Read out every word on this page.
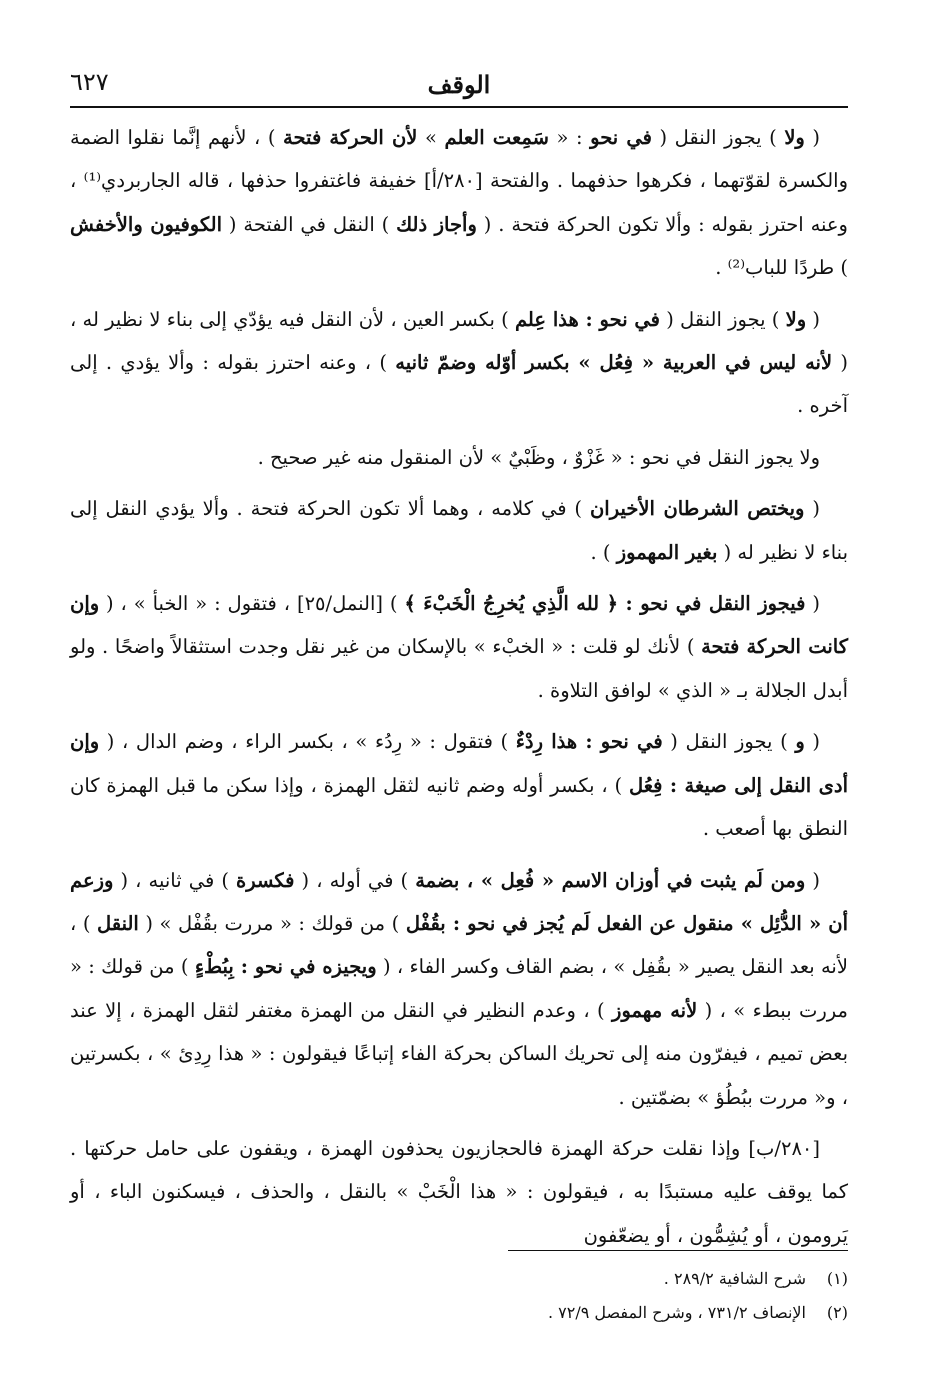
الوقف
٦٢٧

( ولا ) يجوز النقل ( في نحو : « سَمِعت العلم » لأن الحركة فتحة ) ، لأنهم إنَّما نقلوا الضمة والكسرة لقوّتهما ، فكرهوا حذفهما . والفتحة [٢٨٠/أ] خفيفة فاغتفروا حذفها ، قاله الجاربردي⁽¹⁾ ، وعنه احترز بقوله : وألا تكون الحركة فتحة . ( وأجاز ذلك ) النقل في الفتحة ( الكوفيون والأخفش ) طردًا للباب⁽²⁾ .

( ولا ) يجوز النقل ( في نحو : هذا عِلم ) بكسر العين ، لأن النقل فيه يؤدّي إلى بناء لا نظير له ، ( لأنه ليس في العربية « فِعُل » بكسر أوّله وضمّ ثانيه ) ، وعنه احترز بقوله : وألا يؤدي . إلى آخره .

ولا يجوز النقل في نحو : « غَزْوٌ ، وظَبْيٌ » لأن المنقول منه غير صحيح .

( ويختص الشرطان الأخيران ) في كلامه ، وهما ألا تكون الحركة فتحة . وألا يؤدي النقل إلى بناء لا نظير له ( بغير المهموز ) .

( فيجوز النقل في نحو : ﴿ لله الَّذِي يُخرِجُ الْخَبْءَ ﴾ ) [النمل/٢٥] ، فتقول : « الخبأ » ، ( وإن كانت الحركة فتحة ) لأنك لو قلت : « الخبْء » بالإسكان من غير نقل وجدت استثقالاً واضحًا . ولو أبدل الجلالة بـ « الذي » لوافق التلاوة .

( و ) يجوز النقل ( في نحو : هذا رِدْءٌ ) فتقول : « رِدُء » ، بكسر الراء ، وضم الدال ، ( وإن أدى النقل إلى صيغة : فِعُل ) ، بكسر أوله وضم ثانيه لثقل الهمزة ، وإذا سكن ما قبل الهمزة كان النطق بها أصعب .

( ومن لَم يثبت في أوزان الاسم « فُعِل » ، بضمة ) في أوله ، ( فكسرة ) في ثانيه ، ( وزعم أن « الدُّئِل » منقول عن الفعل لَم يُجز في نحو : بقُفْل ) من قولك : « مررت بقُفْل » ( النقل ) ، لأنه بعد النقل يصير « بقُفِل » ، بضم القاف وكسر الفاء ، ( ويجيزه في نحو : بِبُطْءٍ ) من قولك : « مررت ببطء » ، ( لأنه مهموز ) ، وعدم النظير في النقل من الهمزة مغتفر لثقل الهمزة ، إلا عند بعض تميم ، فيفرّون منه إلى تحريك الساكن بحركة الفاء إتباعًا فيقولون : « هذا رِدِئ » ، بكسرتين ، و« مررت ببُطُؤ » بضمّتين .

[٢٨٠/ب] وإذا نقلت حركة الهمزة فالحجازيون يحذفون الهمزة ، ويقفون على حامل حركتها . كما يوقف عليه مستبدًا به ، فيقولون : « هذا الْخَبْ » بالنقل ، والحذف ، فيسكنون الباء ، أو يَرومون ، أو يُشِمُّون ، أو يضعّفون

(١)شرح الشافية ٢٨٩/٢ .
(٢)الإنصاف ٧٣١/٢ ، وشرح المفصل ٧٢/٩ .
